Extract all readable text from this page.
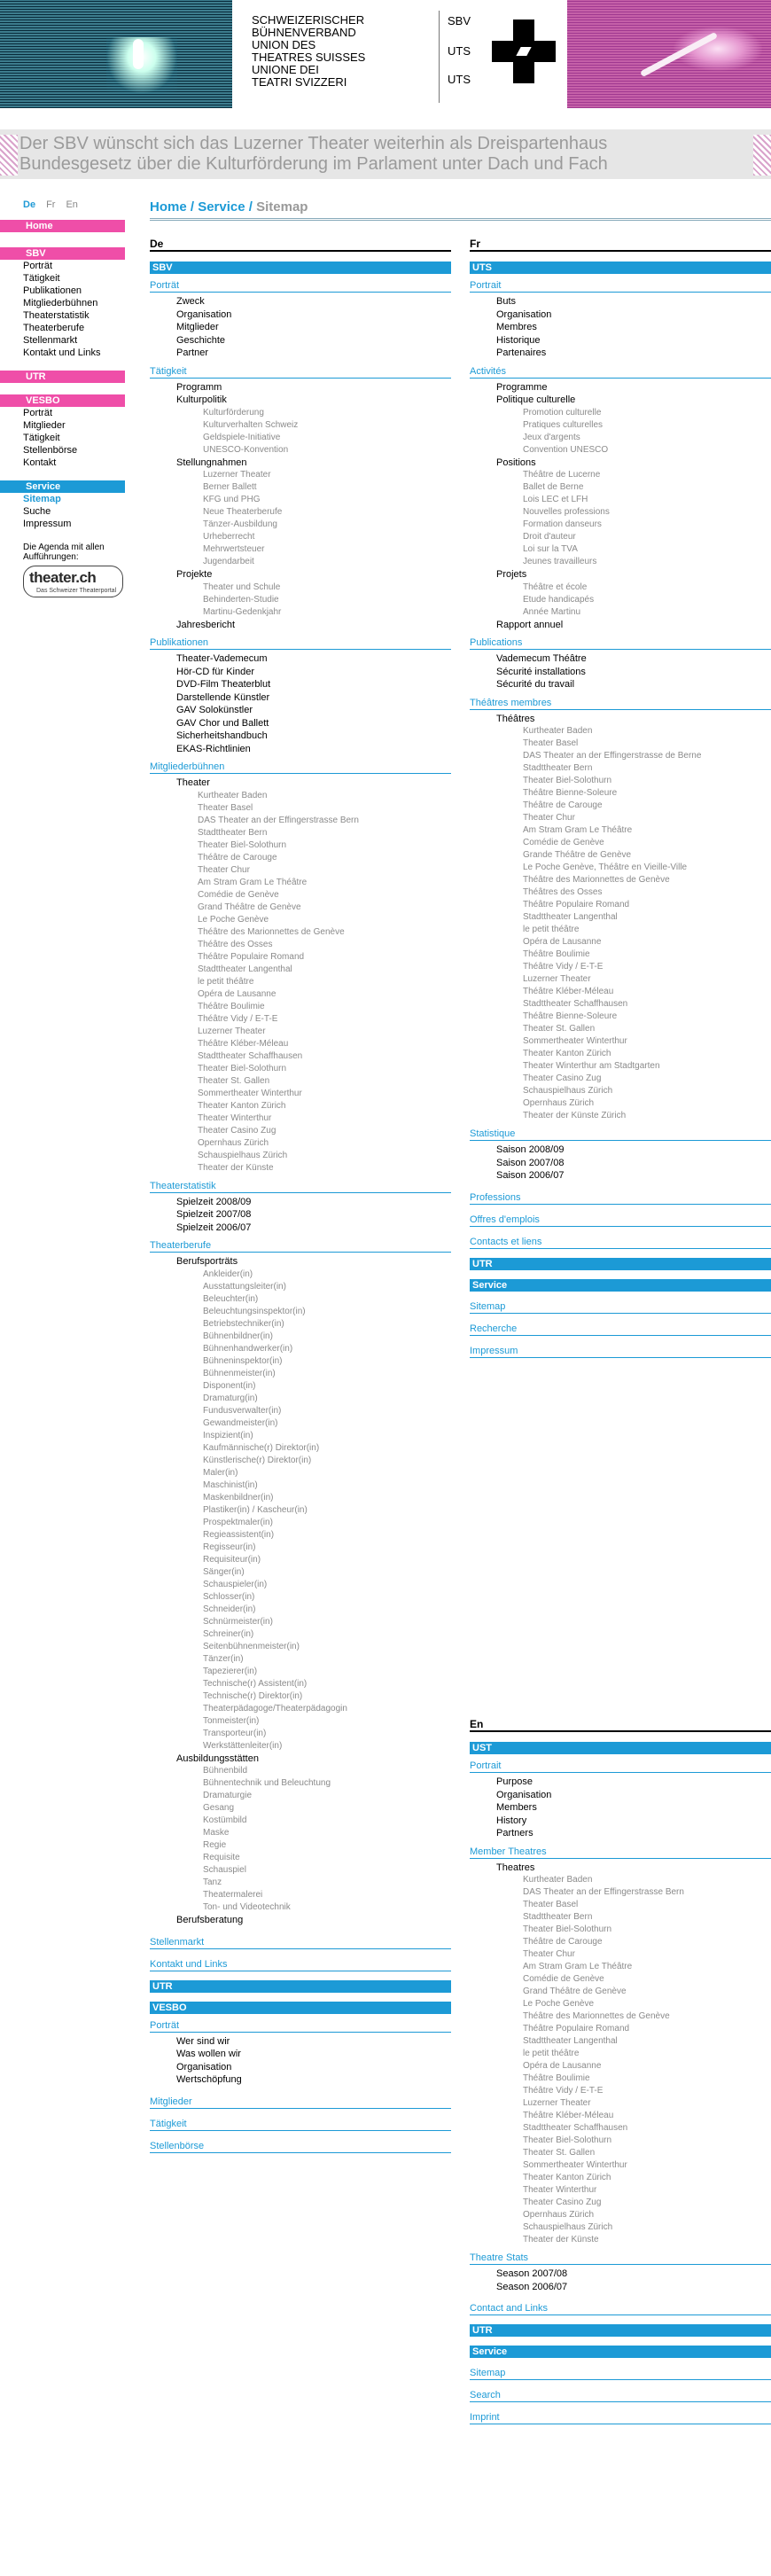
SCHWEIZERISCHER
BÜHNENVERBAND
UNION DES
THEATRES SUISSES
UNIONE DEI
TEATRI SVIZZERI
SBV
UTS
UTS
Der SBV wünscht sich das Luzerner Theater weiterhin als Dreispartenhaus
Bundesgesetz über die Kulturförderung im Parlament unter Dach und Fach
De Fr En
Home
SBV
Porträt
Tätigkeit
Publikationen
Mitgliederbühnen
Theaterstatistik
Theaterberufe
Stellenmarkt
Kontakt und Links
UTR
VESBO
Porträt
Mitglieder
Tätigkeit
Stellenbörse
Kontakt
Service
Sitemap
Suche
Impressum
Die Agenda mit allen Aufführungen:
theater.ch
Das Schweizer Theaterportal
Home / Service / Sitemap
De
SBV
Porträt
Zweck
Organisation
Mitglieder
Geschichte
Partner
Tätigkeit
Programm
Kulturpolitik
Kulturförderung
Kulturverhalten Schweiz
Geldspiele-Initiative
UNESCO-Konvention
Stellungnahmen
Luzerner Theater
Berner Ballett
KFG und PHG
Neue Theaterberufe
Tänzer-Ausbildung
Urheberrecht
Mehrwertsteuer
Jugendarbeit
Projekte
Theater und Schule
Behinderten-Studie
Martinu-Gedenkjahr
Jahresbericht
Publikationen
Theater-Vademecum
Hör-CD für Kinder
DVD-Film Theaterblut
Darstellende Künstler
GAV Solokünstler
GAV Chor und Ballett
Sicherheitshandbuch
EKAS-Richtlinien
Mitgliederbühnen
Theater
Kurtheater Baden
Theater Basel
DAS Theater an der Effingerstrasse Bern
Stadttheater Bern
Theater Biel-Solothurn
Théâtre de Carouge
Theater Chur
Am Stram Gram Le Théâtre
Comédie de Genève
Grand Théâtre de Genève
Le Poche Genève
Théâtre des Marionnettes de Genève
Théâtre des Osses
Théâtre Populaire Romand
Stadttheater Langenthal
le petit théâtre
Opéra de Lausanne
Théâtre Boulimie
Théâtre Vidy / E-T-E
Luzerner Theater
Théâtre Kléber-Méleau
Stadttheater Schaffhausen
Theater Biel-Solothurn
Theater St. Gallen
Sommertheater Winterthur
Theater Kanton Zürich
Theater Winterthur
Theater Casino Zug
Opernhaus Zürich
Schauspielhaus Zürich
Theater der Künste
Theaterstatistik
Spielzeit 2008/09
Spielzeit 2007/08
Spielzeit 2006/07
Theaterberufe
Berufsporträts
Ankleider(in)
Ausstattungsleiter(in)
Beleuchter(in)
Beleuchtungsinspektor(in)
Betriebstechniker(in)
Bühnenbildner(in)
Bühnenhandwerker(in)
Bühneninspektor(in)
Bühnenmeister(in)
Disponent(in)
Dramaturg(in)
Fundusverwalter(in)
Gewandmeister(in)
Inspizient(in)
Kaufmännische(r) Direktor(in)
Künstlerische(r) Direktor(in)
Maler(in)
Maschinist(in)
Maskenbildner(in)
Plastiker(in) / Kascheur(in)
Prospektmaler(in)
Regieassistent(in)
Regisseur(in)
Requisiteur(in)
Sänger(in)
Schauspieler(in)
Schlosser(in)
Schneider(in)
Schnürmeister(in)
Schreiner(in)
Seitenbühnenmeister(in)
Tänzer(in)
Tapezierer(in)
Technische(r) Assistent(in)
Technische(r) Direktor(in)
Theaterpädagoge/Theaterpädagogin
Tonmeister(in)
Transporteur(in)
Werkstättenleiter(in)
Ausbildungsstätten
Bühnenbild
Bühnentechnik und Beleuchtung
Dramaturgie
Gesang
Kostümbild
Maske
Regie
Requisite
Schauspiel
Tanz
Theatermalerei
Ton- und Videotechnik
Berufsberatung
Stellenmarkt
Kontakt und Links
UTR
VESBO
Porträt
Wer sind wir
Was wollen wir
Organisation
Wertschöpfung
Mitglieder
Tätigkeit
Stellenbörse
Fr
UTS
Portrait
Buts
Organisation
Membres
Historique
Partenaires
Activités
Programme
Politique culturelle
Promotion culturelle
Pratiques culturelles
Jeux d'argents
Convention UNESCO
Positions
Théâtre de Lucerne
Ballet de Berne
Lois LEC et LFH
Nouvelles professions
Formation danseurs
Droit d'auteur
Loi sur la TVA
Jeunes travailleurs
Projets
Théâtre et école
Etude handicapés
Année Martinu
Rapport annuel
Publications
Vademecum Théâtre
Sécurité installations
Sécurité du travail
Théâtres membres
Théâtres
Kurtheater Baden
Theater Basel
DAS Theater an der Effingerstrasse de Berne
Stadttheater Bern
Theater Biel-Solothurn
Théâtre Bienne-Soleure
Théâtre de Carouge
Theater Chur
Am Stram Gram Le Théâtre
Comédie de Genève
Grande Théâtre de Genève
Le Poche Genève, Théâtre en Vieille-Ville
Théâtre des Marionnettes de Genève
Théâtres des Osses
Théâtre Populaire Romand
Stadttheater Langenthal
le petit théâtre
Opéra de Lausanne
Théâtre Boulimie
Théâtre Vidy / E-T-E
Luzerner Theater
Théâtre Kléber-Méleau
Stadttheater Schaffhausen
Théâtre Bienne-Soleure
Theater St. Gallen
Sommertheater Winterthur
Theater Kanton Zürich
Theater Winterthur am Stadtgarten
Theater Casino Zug
Schauspielhaus Zürich
Opernhaus Zürich
Theater der Künste Zürich
Statistique
Saison 2008/09
Saison 2007/08
Saison 2006/07
Professions
Offres d'emplois
Contacts et liens
UTR
Service
Sitemap
Recherche
Impressum
En
UST
Portrait
Purpose
Organisation
Members
History
Partners
Member Theatres
Theatres
Kurtheater Baden
DAS Theater an der Effingerstrasse Bern
Theater Basel
Stadttheater Bern
Theater Biel-Solothurn
Théâtre de Carouge
Theater Chur
Am Stram Gram Le Théâtre
Comédie de Genève
Grand Théâtre de Genève
Le Poche Genève
Théâtre des Marionnettes de Genève
Théâtre Populaire Romand
Stadttheater Langenthal
le petit théâtre
Opéra de Lausanne
Théâtre Boulimie
Théâtre Vidy / E-T-E
Luzerner Theater
Théâtre Kléber-Méleau
Stadttheater Schaffhausen
Theater Biel-Solothurn
Theater St. Gallen
Sommertheater Winterthur
Theater Kanton Zürich
Theater Winterthur
Theater Casino Zug
Opernhaus Zürich
Schauspielhaus Zürich
Theater der Künste
Theatre Stats
Season 2007/08
Season 2006/07
Contact and Links
UTR
Service
Sitemap
Search
Imprint
